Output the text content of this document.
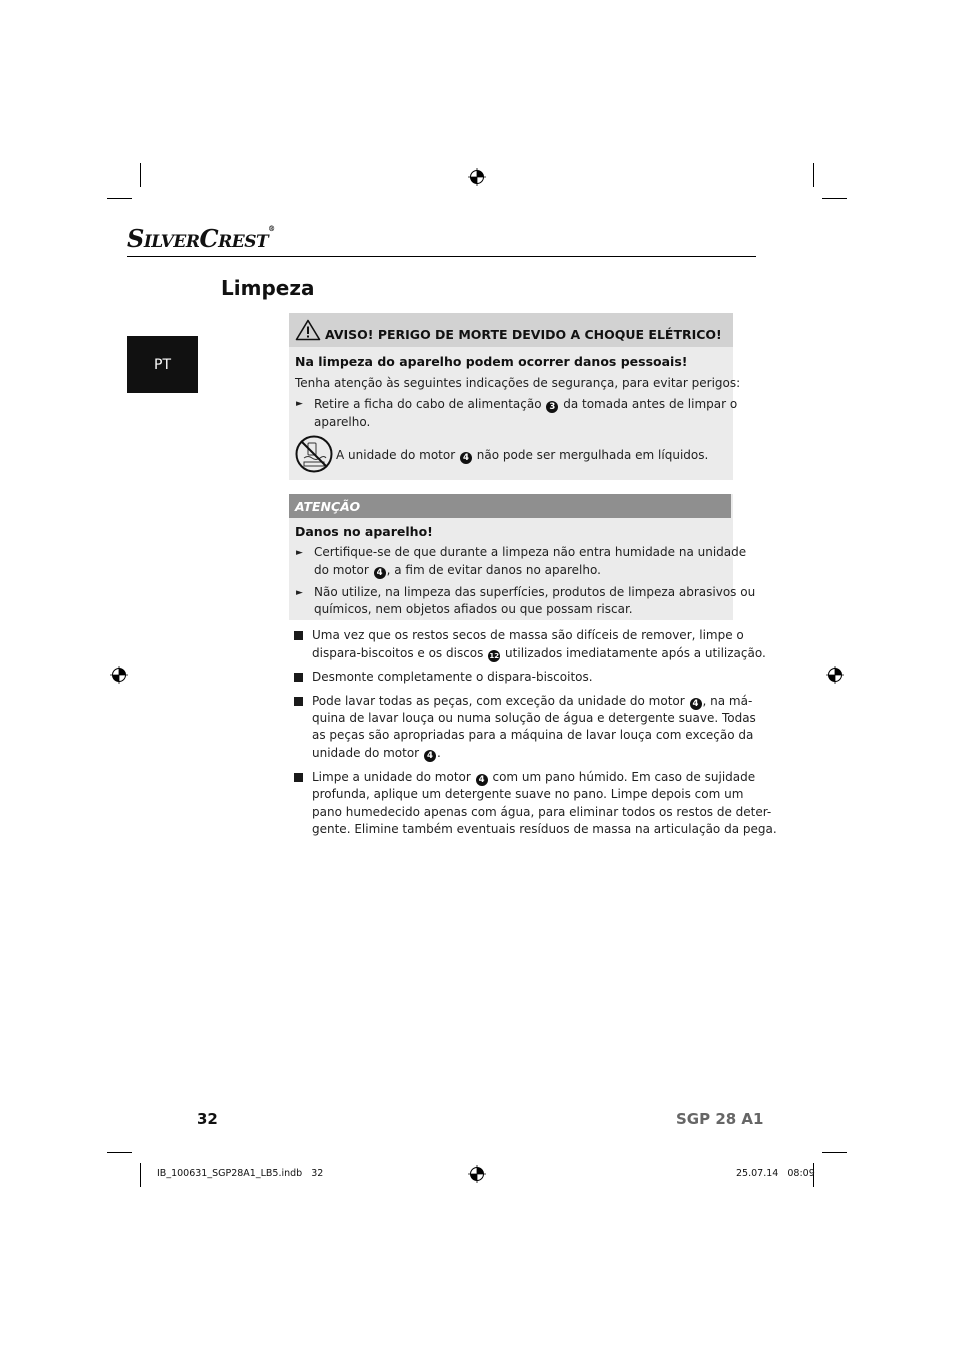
SILVERCREST®
Limpeza
PT
AVISO! PERIGO DE MORTE DEVIDO A CHOQUE ELÉTRICO!
Na limpeza do aparelho podem ocorrer danos pessoais!
Tenha atenção às seguintes indicações de segurança, para evitar perigos:
► Retire a ficha do cabo de alimentação 3 da tomada antes de limpar o
aparelho.
A unidade do motor 4 não pode ser mergulhada em líquidos.
ATENÇÃO
Danos no aparelho!
► Certifique-se de que durante a limpeza não entra humidade na unidade
do motor 4 , a fim de evitar danos no aparelho.
► Não utilize, na limpeza das superfícies, produtos de limpeza abrasivos ou
químicos, nem objetos afiados ou que possam riscar.
Uma vez que os restos secos de massa são difíceis de remover, limpe o
dispara-biscoitos e os discos 12 utilizados imediatamente após a utilização.
Desmonte completamente o dispara-biscoitos.
Pode lavar todas as peças, com exceção da unidade do motor 4 , na má-
quina de lavar louça ou numa solução de água e detergente suave. Todas
as peças são apropriadas para a máquina de lavar louça com exceção da
unidade do motor 4 .
Limpe a unidade do motor 4 com um pano húmido. Em caso de sujidade
profunda, aplique um detergente suave no pano. Limpe depois com um
pano humedecido apenas com água, para eliminar todos os restos de deter-
gente. Elimine também eventuais resíduos de massa na articulação da pega.
32	SGP 28 A1
IB_100631_SGP28A1_LB5.indb   32	25.07.14   08:09
